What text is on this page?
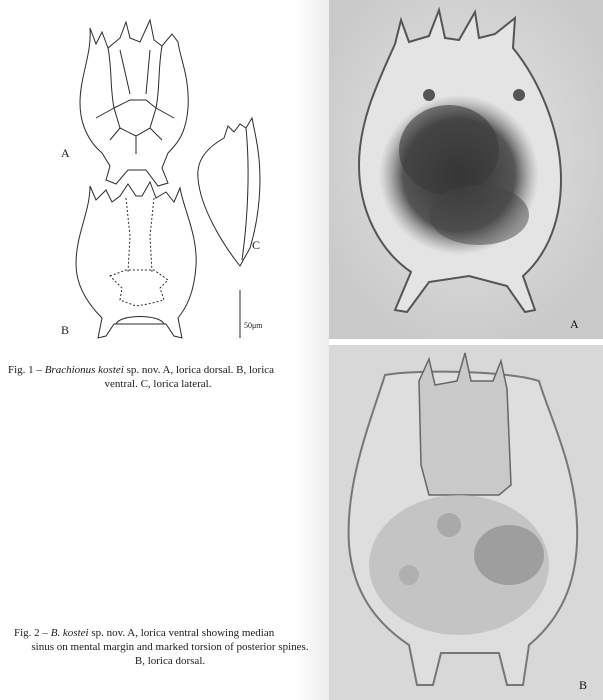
A
B
C
50μm
Fig. 1 – Brachionus kostei sp. nov. A, lorica dorsal. B, lorica
ventral. C, lorica lateral.
Fig. 2 – B. kostei sp. nov. A, lorica ventral showing median
sinus on mental margin and marked torsion of posterior spines.
B, lorica dorsal.
A
B
